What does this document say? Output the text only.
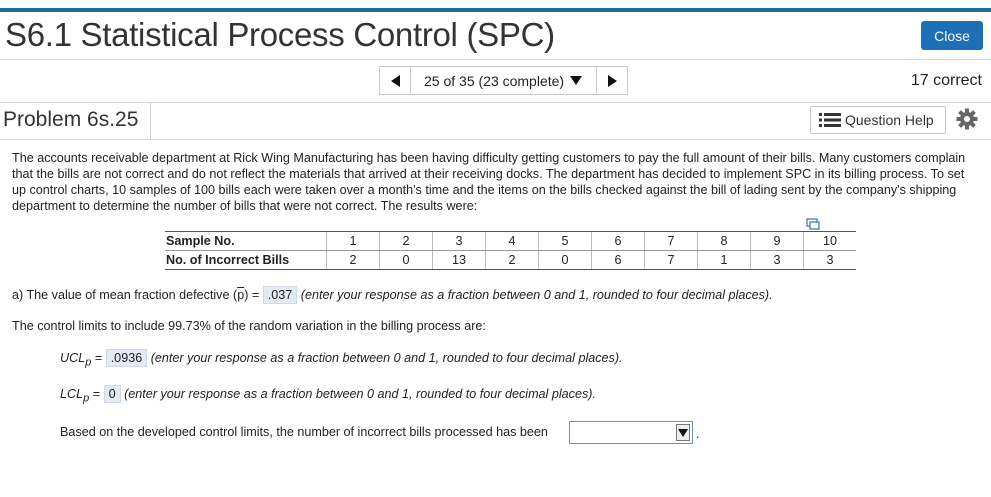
S6.1 Statistical Process Control (SPC)	Close
25 of 35 (23 complete)	17 correct
Problem 6s.25	Question Help
The accounts receivable department at Rick Wing Manufacturing has been having difficulty getting customers to pay the full amount of their bills. Many customers complain that the bills are not correct and do not reflect the materials that arrived at their receiving docks. The department has decided to implement SPC in its billing process. To set up control charts, 10 samples of 100 bills each were taken over a month's time and the items on the bills checked against the bill of lading sent by the company's shipping department to determine the number of bills that were not correct. The results were:
Sample No.	1	2	3	4	5	6	7	8	9	10
No. of Incorrect Bills	2	0	13	2	0	6	7	1	3	3
a) The value of mean fraction defective $(\overline{p}) = .037$ (enter your response as a fraction between 0 and 1, rounded to four decimal places).
The control limits to include 99.73% of the random variation in the billing process are:
$UCL_p = .0936$ (enter your response as a fraction between 0 and 1, rounded to four decimal places).
$LCL_p = 0$ (enter your response as a fraction between 0 and 1, rounded to four decimal places).
Based on the developed control limits, the number of incorrect bills processed has been	.
